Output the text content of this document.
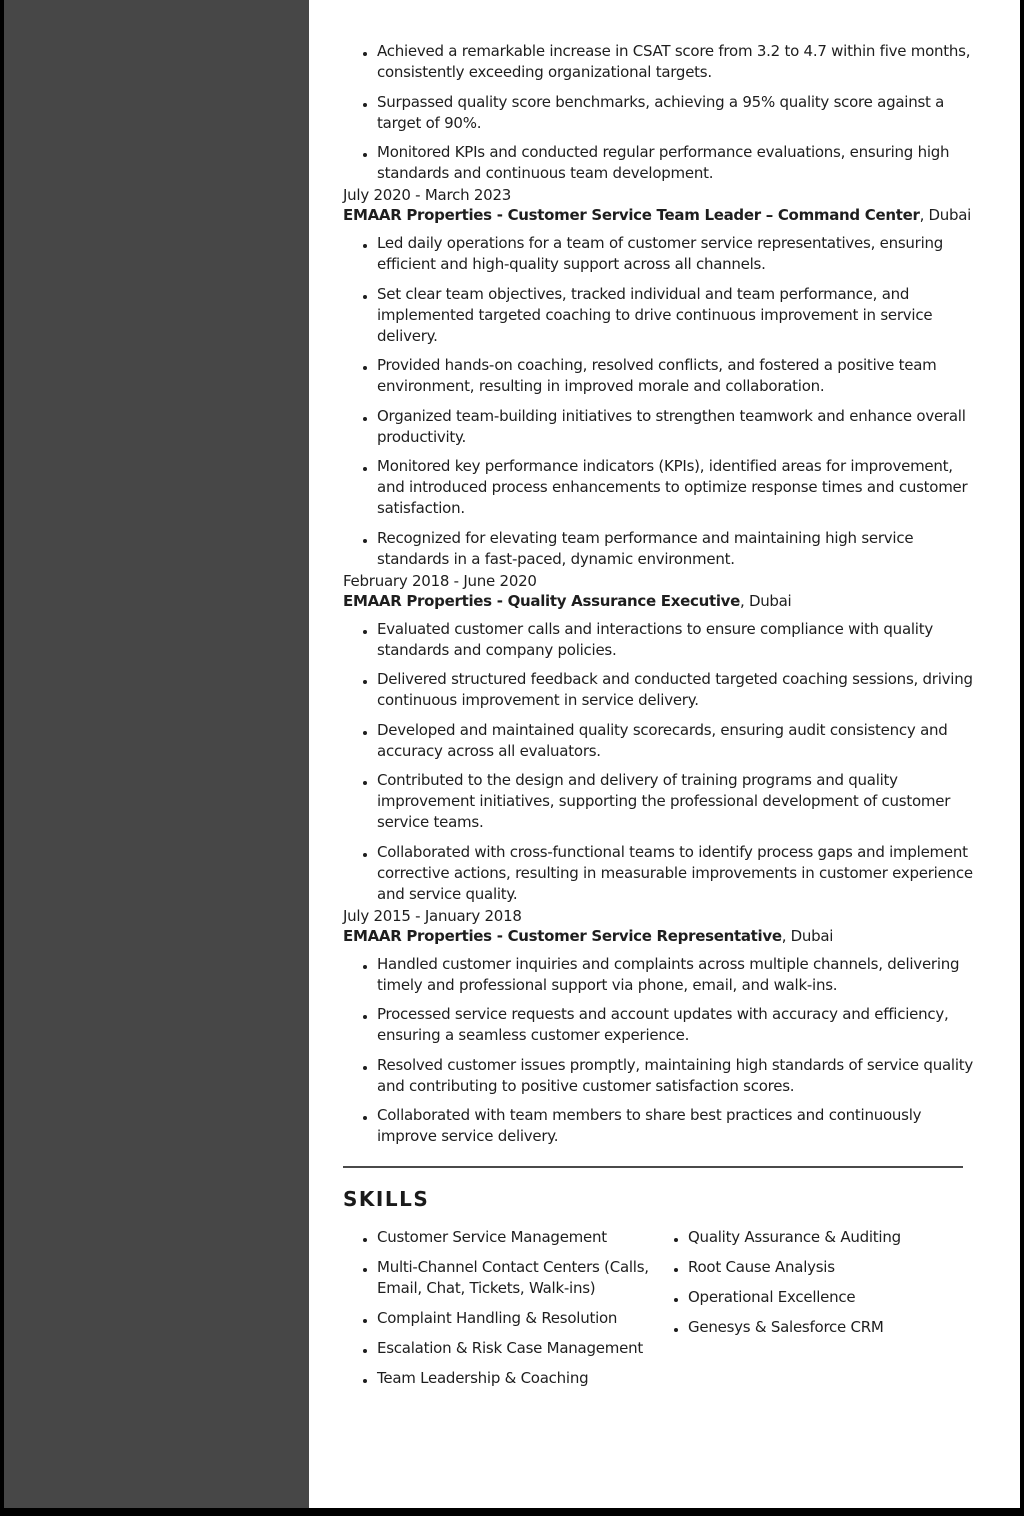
Achieved a remarkable increase in CSAT score from 3.2 to 4.7 within five months, consistently exceeding organizational targets.
Surpassed quality score benchmarks, achieving a 95% quality score against a target of 90%.
Monitored KPIs and conducted regular performance evaluations, ensuring high standards and continuous team development.
July 2020 - March 2023
EMAAR Properties - Customer Service Team Leader – Command Center, Dubai
Led daily operations for a team of customer service representatives, ensuring efficient and high-quality support across all channels.
Set clear team objectives, tracked individual and team performance, and implemented targeted coaching to drive continuous improvement in service delivery.
Provided hands-on coaching, resolved conflicts, and fostered a positive team environment, resulting in improved morale and collaboration.
Organized team-building initiatives to strengthen teamwork and enhance overall productivity.
Monitored key performance indicators (KPIs), identified areas for improvement, and introduced process enhancements to optimize response times and customer satisfaction.
Recognized for elevating team performance and maintaining high service standards in a fast-paced, dynamic environment.
February 2018 - June 2020
EMAAR Properties - Quality Assurance Executive, Dubai
Evaluated customer calls and interactions to ensure compliance with quality standards and company policies.
Delivered structured feedback and conducted targeted coaching sessions, driving continuous improvement in service delivery.
Developed and maintained quality scorecards, ensuring audit consistency and accuracy across all evaluators.
Contributed to the design and delivery of training programs and quality improvement initiatives, supporting the professional development of customer service teams.
Collaborated with cross-functional teams to identify process gaps and implement corrective actions, resulting in measurable improvements in customer experience and service quality.
July 2015 - January 2018
EMAAR Properties - Customer Service Representative, Dubai
Handled customer inquiries and complaints across multiple channels, delivering timely and professional support via phone, email, and walk-ins.
Processed service requests and account updates with accuracy and efficiency, ensuring a seamless customer experience.
Resolved customer issues promptly, maintaining high standards of service quality and contributing to positive customer satisfaction scores.
Collaborated with team members to share best practices and continuously improve service delivery.
SKILLS
Customer Service Management
Multi-Channel Contact Centers (Calls, Email, Chat, Tickets, Walk-ins)
Complaint Handling & Resolution
Escalation & Risk Case Management
Team Leadership & Coaching
Quality Assurance & Auditing
Root Cause Analysis
Operational Excellence
Genesys & Salesforce CRM
